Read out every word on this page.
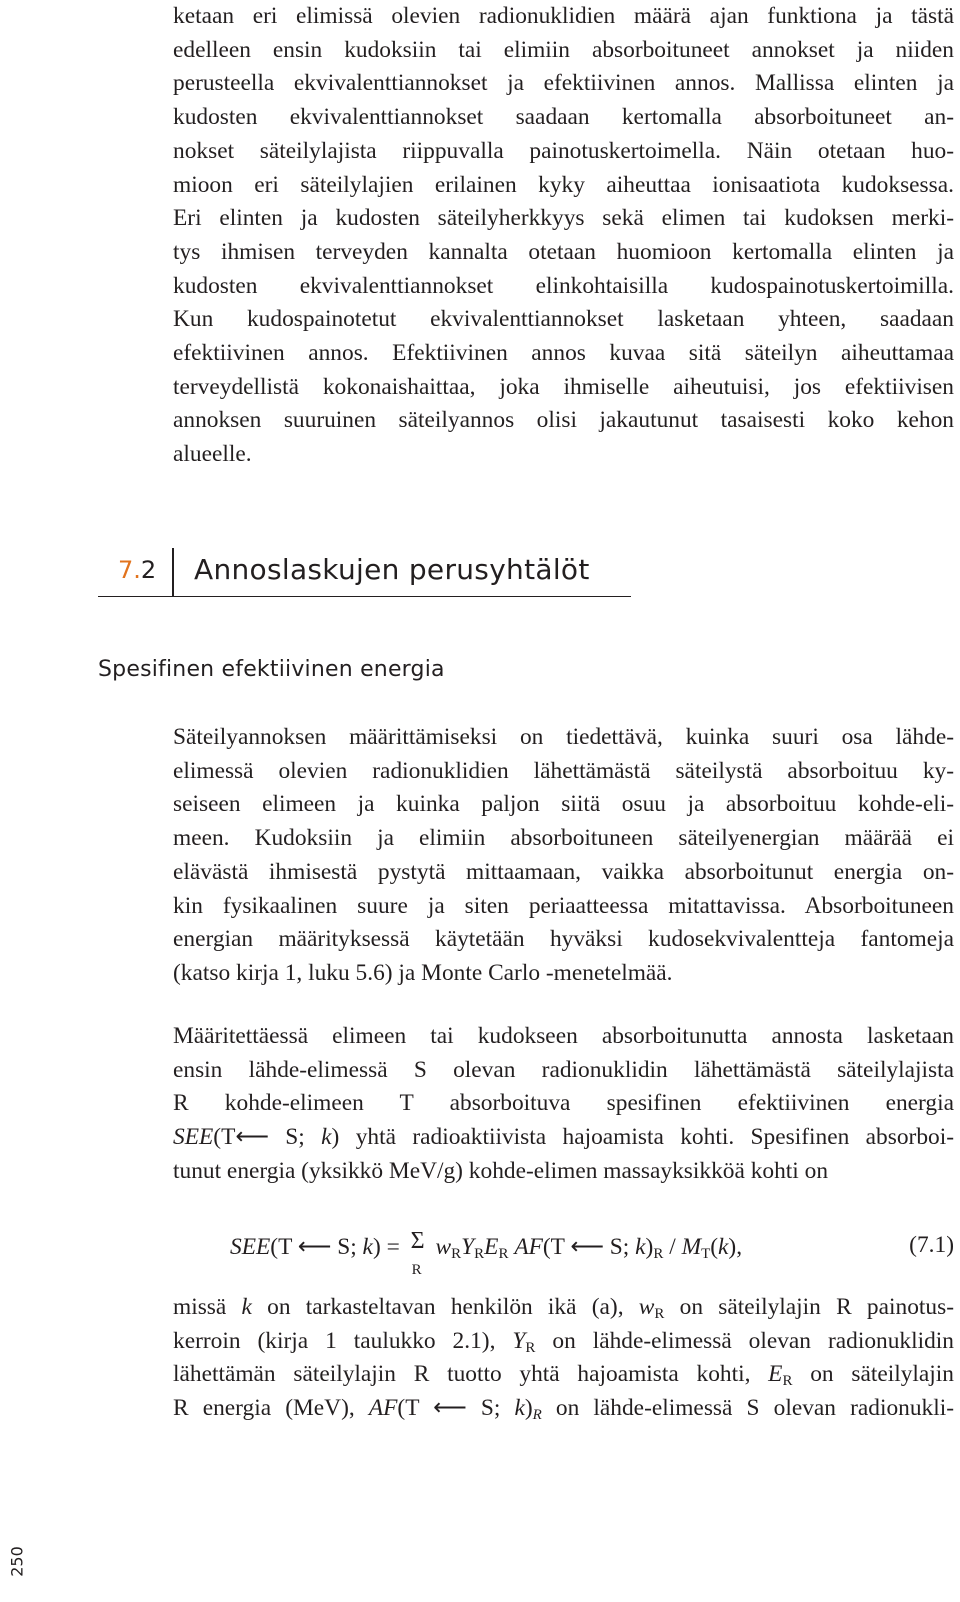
ketaan eri elimissä olevien radionuklidien määrä ajan funktiona ja tästä
edelleen ensin kudoksiin tai elimiin absorboituneet annokset ja niiden
perusteella ekvivalenttiannokset ja efektiivinen annos. Mallissa elinten ja
kudosten ekvivalenttiannokset saadaan kertomalla absorboituneet an-
nokset säteilylajista riippuvalla painotuskertoimella. Näin otetaan huo-
mioon eri säteilylajien erilainen kyky aiheuttaa ionisaatiota kudoksessa.
Eri elinten ja kudosten säteilyherkkyys sekä elimen tai kudoksen merki-
tys ihmisen terveyden kannalta otetaan huomioon kertomalla elinten ja
kudosten ekvivalenttiannokset elinkohtaisilla kudospainotuskertoimilla.
Kun kudospainotetut ekvivalenttiannokset lasketaan yhteen, saadaan
efektiivinen annos. Efektiivinen annos kuvaa sitä säteilyn aiheuttamaa
terveydellistä kokonaishaittaa, joka ihmiselle aiheutuisi, jos efektiivisen
annoksen suuruinen säteilyannos olisi jakautunut tasaisesti koko kehon
alueelle.
7.2 Annoslaskujen perusyhtälöt
Spesifinen efektiivinen energia
Säteilyannoksen määrittämiseksi on tiedettävä, kuinka suuri osa lähde-
elimessä olevien radionuklidien lähettämästä säteilystä absorboituu ky-
seiseen elimeen ja kuinka paljon siitä osuu ja absorboituu kohde-eli-
meen. Kudoksiin ja elimiin absorboituneen säteilyenergian määrää ei
elävästä ihmisestä pystytä mittaamaan, vaikka absorboitunut energia on-
kin fysikaalinen suure ja siten periaatteessa mitattavissa. Absorboituneen
energian määrityksessä käytetään hyväksi kudosekvivalentteja fantomeja
(katso kirja 1, luku 5.6) ja Monte Carlo -menetelmää.
Määritettäessä elimeen tai kudokseen absorboitunutta annosta lasketaan
ensin lähde-elimessä S olevan radionuklidin lähettämästä säteilylajista
R kohde-elimeen T absorboituva spesifinen efektiivinen energia
SEE(T⟵ S; k) yhtä radioaktiivista hajoamista kohti. Spesifinen absorboi-
tunut energia (yksikkö MeV/g) kohde-elimen massayksikköä kohti on
SEE(T ⟵ S; k) = Σ
R
$w_RY_RE_R$ AF(T ⟵ S; $k)_R / M_T(k)$,	(7.1)
missä k on tarkasteltavan henkilön ikä (a), $w_R$ on säteilylajin R painotus-
kerroin (kirja 1 taulukko 2.1), $Y_R$ on lähde-elimessä olevan radionuklidin
lähettämän säteilylajin R tuotto yhtä hajoamista kohti, $E_R$ on säteilylajin
R energia (MeV), AF(T ⟵ S; $k)_R$ on lähde-elimessä S olevan radionukli-
250
